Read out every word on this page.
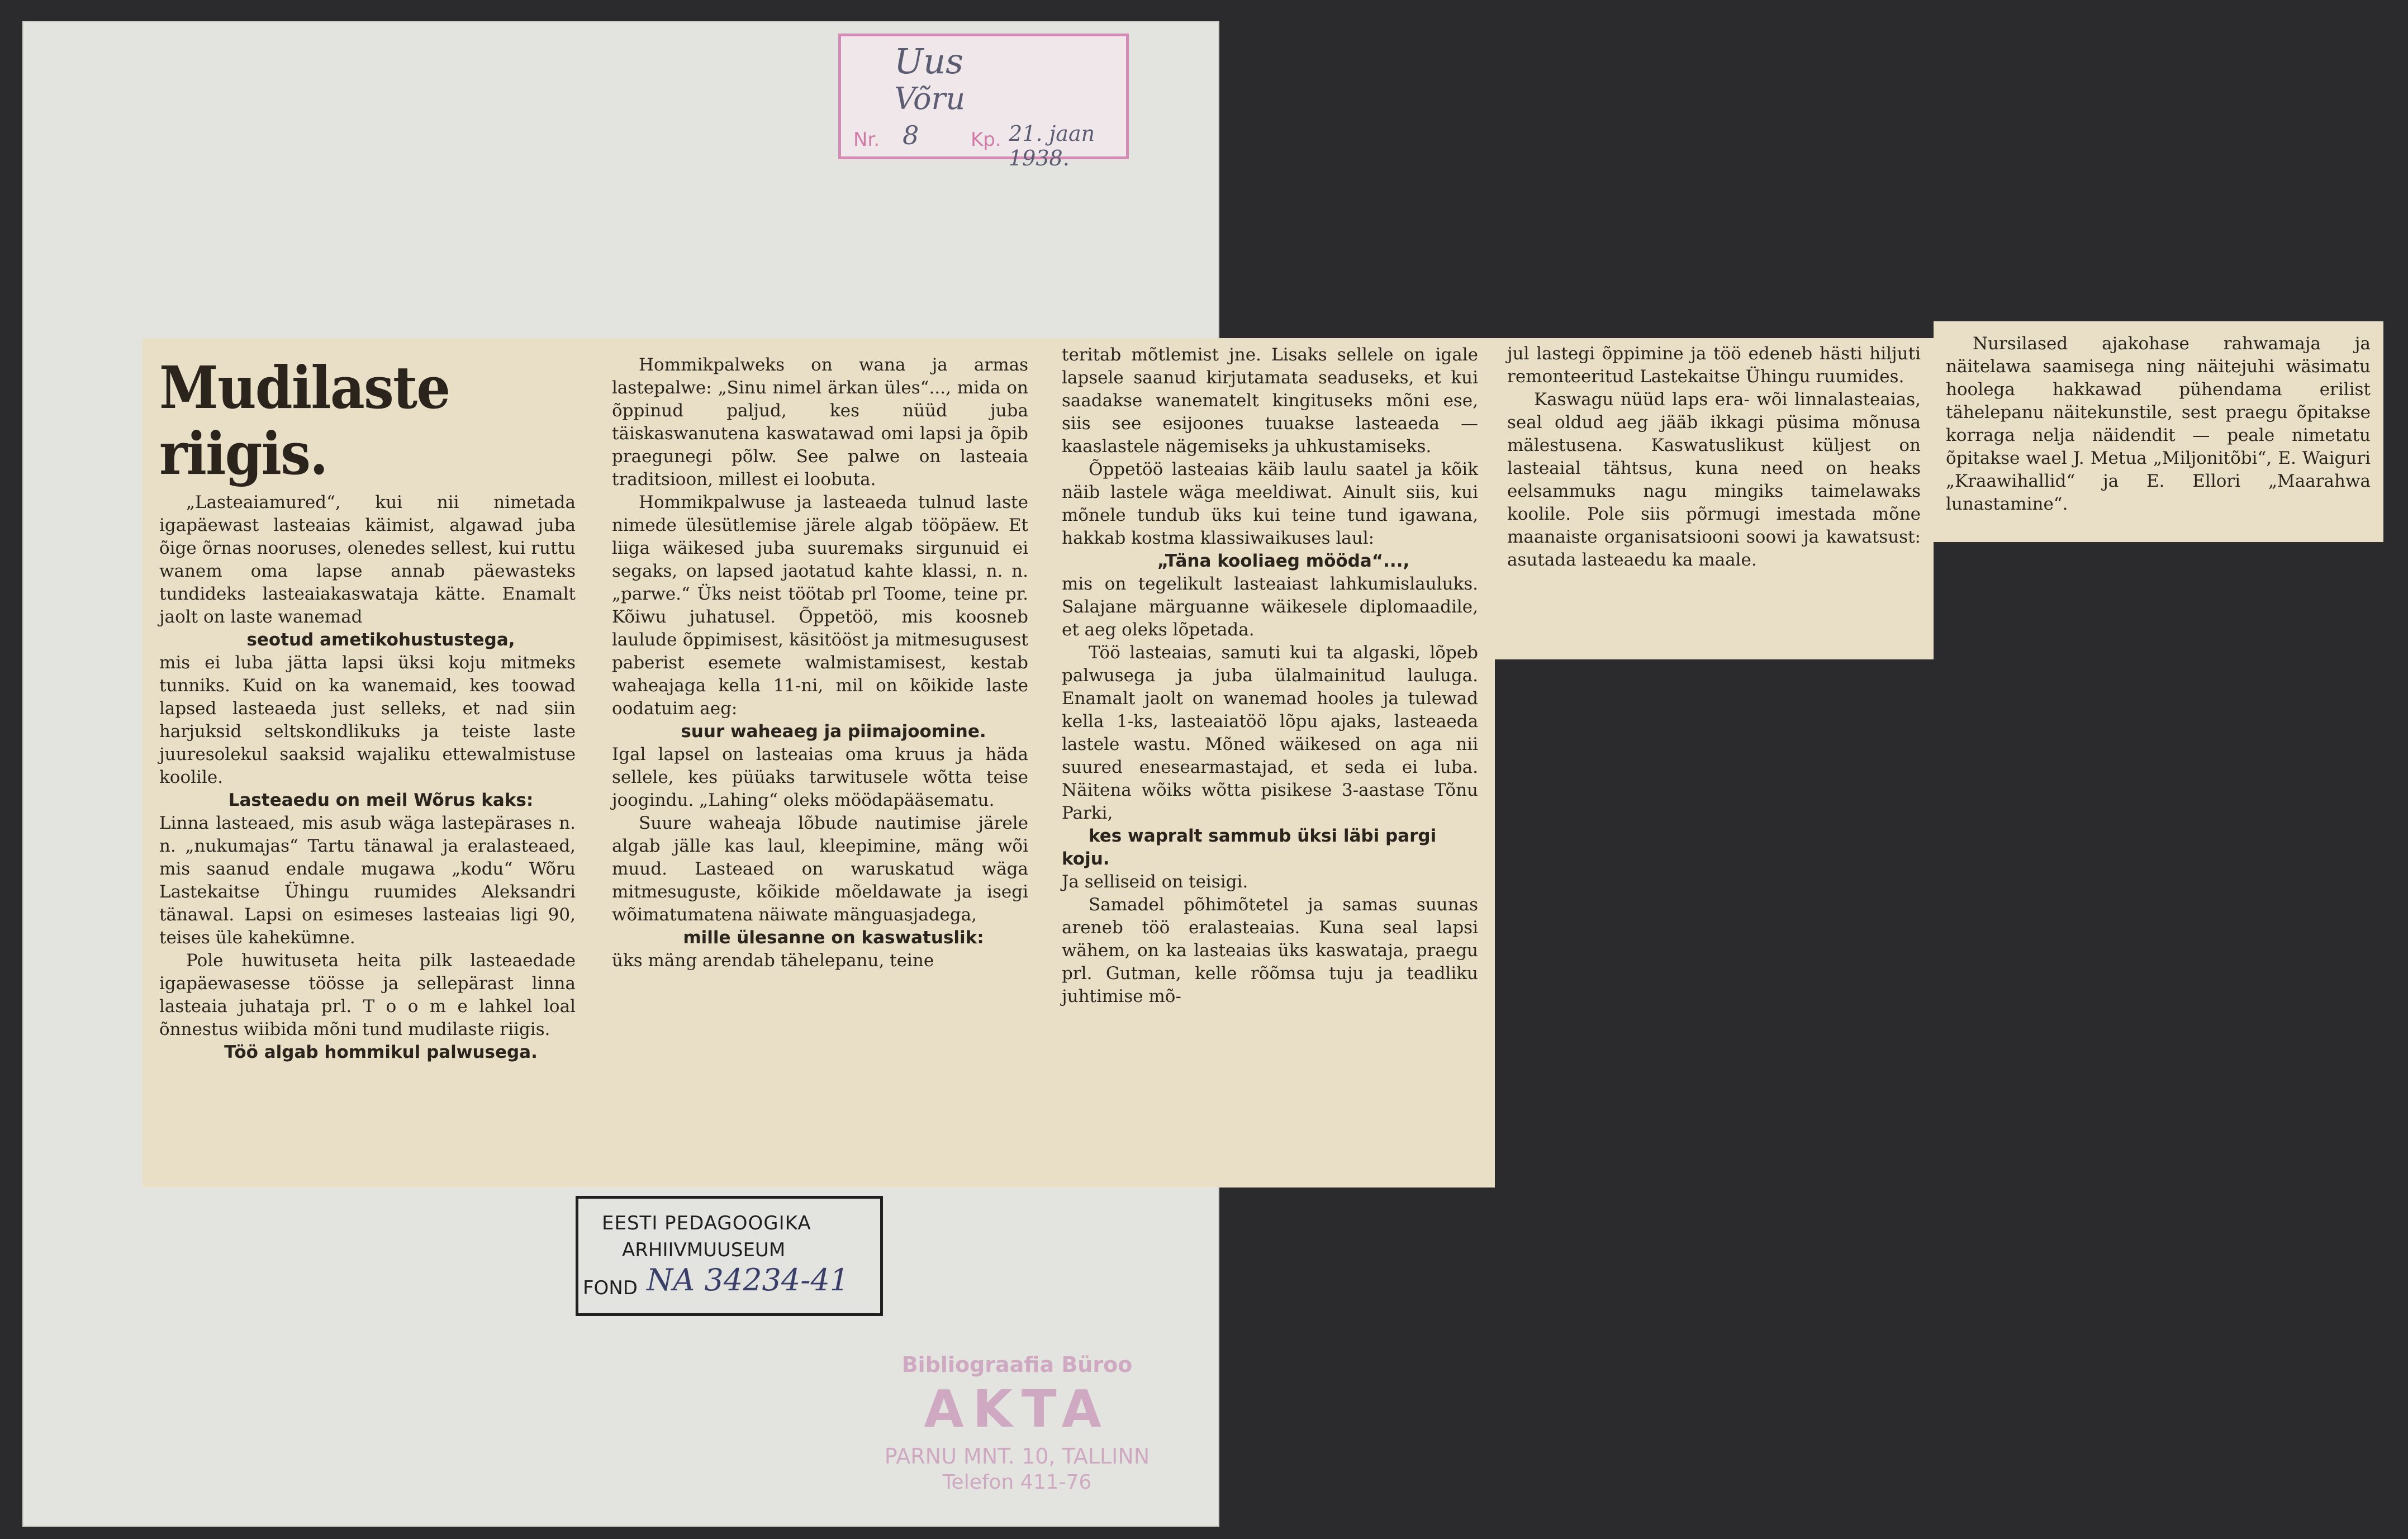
Uus
Võru
Nr. 8	Kp. 21. jaan 1938.
Mudilaste riigis.

„Lasteaiamured“, kui nii nimetada igapäewast lasteaias käimist, algawad juba õige õrnas nooruses, olenedes sellest, kui ruttu wanem oma lapse annab päewasteks tundideks lasteaiakaswataja kätte. Enamalt jaolt on laste wanemad

seotud ametikohustustega,

mis ei luba jätta lapsi üksi koju mitmeks tunniks. Kuid on ka wanemaid, kes toowad lapsed lasteaeda just selleks, et nad siin harjuksid seltskondlikuks ja teiste laste juuresolekul saaksid wajaliku ettewalmistuse koolile.

Lasteaedu on meil Wõrus kaks:

Linna lasteaed, mis asub wäga lastepärases n. n. „nukumajas“ Tartu tänawal ja eralasteaed, mis saanud endale mugawa „kodu“ Wõru Lastekaitse Ühingu ruumides Aleksandri tänawal. Lapsi on esimeses lasteaias ligi 90, teises üle kahekümne.

Pole huwituseta heita pilk lasteaedade igapäewasesse töösse ja sellepärast linna lasteaia juhataja prl. T o o m e lahkel loal õnnestus wiibida mõni tund mudilaste riigis.

Töö algab hommikul palwusega.

Hommikpalweks on wana ja armas lastepalwe: „Sinu nimel ärkan üles“..., mida on õppinud paljud, kes nüüd juba täiskaswanutena kaswatawad omi lapsi ja õpib praegunegi põlw. See palwe on lasteaia traditsioon, millest ei loobuta.

Hommikpalwuse ja lasteaeda tulnud laste nimede ülesütlemise järele algab tööpäew. Et liiga wäikesed juba suuremaks sirgunuid ei segaks, on lapsed jaotatud kahte klassi, n. n. „parwe.“ Üks neist töötab prl Toome, teine pr. Kõiwu juhatusel. Õppetöö, mis koosneb laulude õppimisest, käsitööst ja mitmesugusest paberist esemete walmistamisest, kestab waheajaga kella 11-ni, mil on kõikide laste oodatuim aeg:

suur waheaeg ja piimajoomine.

Igal lapsel on lasteaias oma kruus ja häda sellele, kes püüaks tarwitusele wõtta teise joogindu. „Lahing“ oleks möödapääsematu.

Suure waheaja lõbude nautimise järele algab jälle kas laul, kleepimine, mäng wõi muud. Lasteaed on waruskatud wäga mitmesuguste, kõikide mõeldawate ja isegi wõimatumatena näiwate mänguasjadega,

mille ülesanne on kaswatuslik:

üks mäng arendab tähelepanu, teine

teritab mõtlemist jne. Lisaks sellele on igale lapsele saanud kirjutamata seaduseks, et kui saadakse wanematelt kingituseks mõni ese, siis see esijoones tuuakse lasteaeda — kaaslastele nägemiseks ja uhkustamiseks.

Õppetöö lasteaias käib laulu saatel ja kõik näib lastele wäga meeldiwat. Ainult siis, kui mõnele tundub üks kui teine tund igawana, hakkab kostma klassiwaikuses laul:

„Täna kooliaeg mööda“...,

mis on tegelikult lasteaiast lahkumislauluks. Salajane märguanne wäikesele diplomaadile, et aeg oleks lõpetada.

Töö lasteaias, samuti kui ta algaski, lõpeb palwusega ja juba ülalmainitud lauluga. Enamalt jaolt on wanemad hooles ja tulewad kella 1-ks, lasteaiatöö lõpu ajaks, lasteaeda lastele wastu. Mõned wäikesed on aga nii suured enesearmastajad, et seda ei luba. Näitena wõiks wõtta pisikese 3-aastase Tõnu Parki,

kes wapralt sammub üksi läbi pargi koju.

Ja selliseid on teisigi.

Samadel põhimõtetel ja samas suunas areneb töö eralasteaias. Kuna seal lapsi wähem, on ka lasteaias üks kaswataja, praegu prl. Gutman, kelle rõõmsa tuju ja teadliku juhtimise mõ-

jul lastegi õppimine ja töö edeneb hästi hiljuti remonteeritud Lastekaitse Ühingu ruumides.

Kaswagu nüüd laps era- wõi linnalasteaias, seal oldud aeg jääb ikkagi püsima mõnusa mälestusena. Kaswatuslikust küljest on lasteaial tähtsus, kuna need on heaks eelsammuks nagu mingiks taimelawaks koolile. Pole siis põrmugi imestada mõne maanaiste organisatsiooni soowi ja kawatsust: asutada lasteaedu ka maale.

Nursilased ajakohase rahwamaja ja näitelawa saamisega ning näitejuhi wäsimatu hoolega hakkawad pühendama erilist tähelepanu näitekunstile, sest praegu õpitakse korraga nelja näidendit — peale nimetatu õpitakse wael J. Metua „Miljonitõbi“, E. Waiguri „Kraawihallid“ ja E. Ellori „Maarahwa lunastamine“.

EESTI PEDAGOOGIKA
ARHIIVMUUSEUM
FOND NA 34234-41
Bibliograafia Büroo
AKTA
PARNU MNT. 10, TALLINN
Telefon 411-76
